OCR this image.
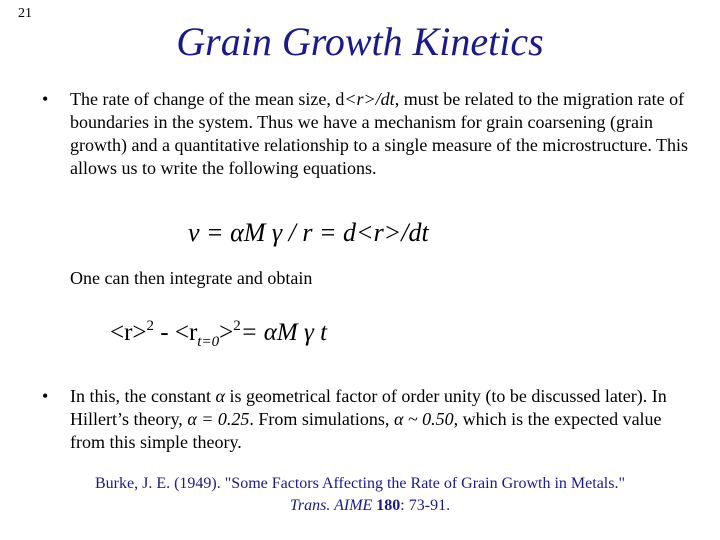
21
Grain Growth Kinetics
• The rate of change of the mean size, d<r>/dt, must be related to the migration rate of boundaries in the system. Thus we have a mechanism for grain coarsening (grain growth) and a quantitative relationship to a single measure of the microstructure. This allows us to write the following equations.
v = αM γ / r = d<r>/dt
One can then integrate and obtain
$<r>^2 - <r_{t=0}>^2= \alpha M$ γ t
• In this, the constant α is geometrical factor of order unity (to be discussed later). In Hillert’s theory, α = 0.25. From simulations, α ~ 0.50, which is the expected value from this simple theory.
Burke, J. E. (1949). "Some Factors Affecting the Rate of Grain Growth in Metals."
Trans. AIME 180: 73-91.
